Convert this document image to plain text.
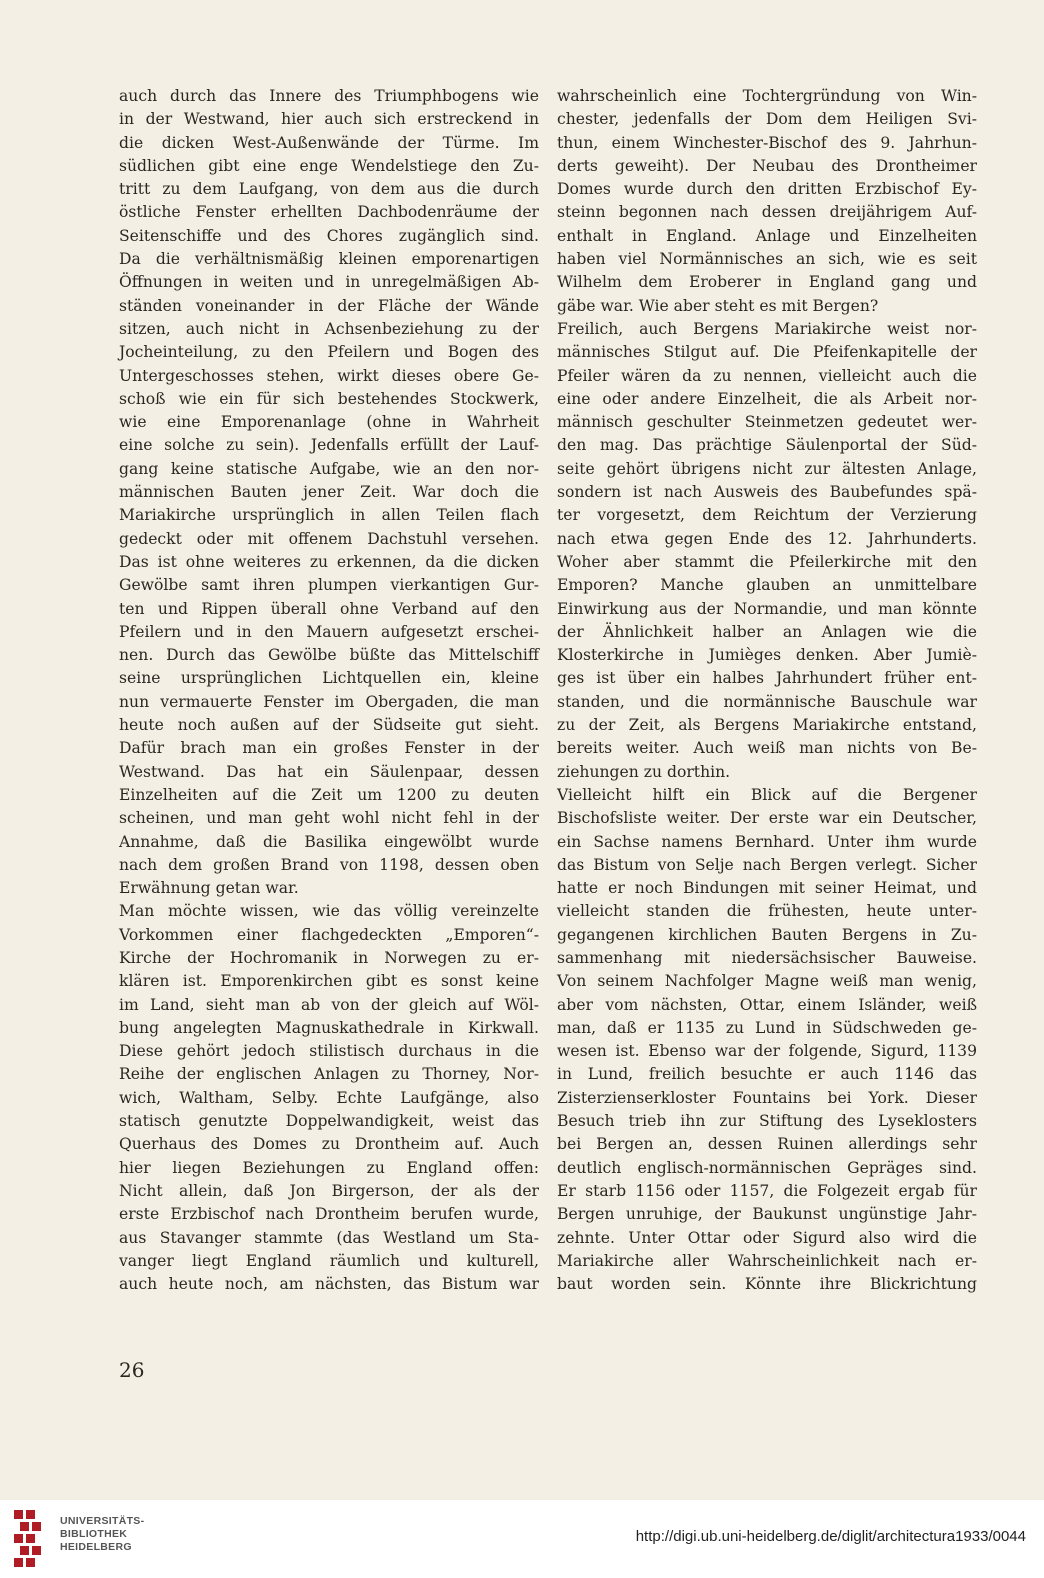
auch durch das Innere des Triumphbogens wie
in der Westwand, hier auch sich erstreckend in
die dicken West-Außenwände der Türme. Im
südlichen gibt eine enge Wendelstiege den Zu-
tritt zu dem Laufgang, von dem aus die durch
östliche Fenster erhellten Dachbodenräume der
Seitenschiffe und des Chores zugänglich sind.
Da die verhältnismäßig kleinen emporenartigen
Öffnungen in weiten und in unregelmäßigen Ab-
ständen voneinander in der Fläche der Wände
sitzen, auch nicht in Achsenbeziehung zu der
Jocheinteilung, zu den Pfeilern und Bogen des
Untergeschosses stehen, wirkt dieses obere Ge-
schoß wie ein für sich bestehendes Stockwerk,
wie eine Emporenanlage (ohne in Wahrheit
eine solche zu sein). Jedenfalls erfüllt der Lauf-
gang keine statische Aufgabe, wie an den nor-
männischen Bauten jener Zeit. War doch die
Mariakirche ursprünglich in allen Teilen flach
gedeckt oder mit offenem Dachstuhl versehen.
Das ist ohne weiteres zu erkennen, da die dicken
Gewölbe samt ihren plumpen vierkantigen Gur-
ten und Rippen überall ohne Verband auf den
Pfeilern und in den Mauern aufgesetzt erschei-
nen. Durch das Gewölbe büßte das Mittelschiff
seine ursprünglichen Lichtquellen ein, kleine
nun vermauerte Fenster im Obergaden, die man
heute noch außen auf der Südseite gut sieht.
Dafür brach man ein großes Fenster in der
Westwand. Das hat ein Säulenpaar, dessen
Einzelheiten auf die Zeit um 1200 zu deuten
scheinen, und man geht wohl nicht fehl in der
Annahme, daß die Basilika eingewölbt wurde
nach dem großen Brand von 1198, dessen oben
Erwähnung getan war.
Man möchte wissen, wie das völlig vereinzelte
Vorkommen einer flachgedeckten „Emporen“-
Kirche der Hochromanik in Norwegen zu er-
klären ist. Emporenkirchen gibt es sonst keine
im Land, sieht man ab von der gleich auf Wöl-
bung angelegten Magnuskathedrale in Kirkwall.
Diese gehört jedoch stilistisch durchaus in die
Reihe der englischen Anlagen zu Thorney, Nor-
wich, Waltham, Selby. Echte Laufgänge, also
statisch genutzte Doppelwandigkeit, weist das
Querhaus des Domes zu Drontheim auf. Auch
hier liegen Beziehungen zu England offen:
Nicht allein, daß Jon Birgerson, der als der
erste Erzbischof nach Drontheim berufen wurde,
aus Stavanger stammte (das Westland um Sta-
vanger liegt England räumlich und kulturell,
auch heute noch, am nächsten, das Bistum war
wahrscheinlich eine Tochtergründung von Win-
chester, jedenfalls der Dom dem Heiligen Svi-
thun, einem Winchester-Bischof des 9. Jahrhun-
derts geweiht). Der Neubau des Drontheimer
Domes wurde durch den dritten Erzbischof Ey-
steinn begonnen nach dessen dreijährigem Auf-
enthalt in England. Anlage und Einzelheiten
haben viel Normännisches an sich, wie es seit
Wilhelm dem Eroberer in England gang und
gäbe war. Wie aber steht es mit Bergen?
Freilich, auch Bergens Mariakirche weist nor-
männisches Stilgut auf. Die Pfeifenkapitelle der
Pfeiler wären da zu nennen, vielleicht auch die
eine oder andere Einzelheit, die als Arbeit nor-
männisch geschulter Steinmetzen gedeutet wer-
den mag. Das prächtige Säulenportal der Süd-
seite gehört übrigens nicht zur ältesten Anlage,
sondern ist nach Ausweis des Baubefundes spä-
ter vorgesetzt, dem Reichtum der Verzierung
nach etwa gegen Ende des 12. Jahrhunderts.
Woher aber stammt die Pfeilerkirche mit den
Emporen? Manche glauben an unmittelbare
Einwirkung aus der Normandie, und man könnte
der Ähnlichkeit halber an Anlagen wie die
Klosterkirche in Jumièges denken. Aber Jumiè-
ges ist über ein halbes Jahrhundert früher ent-
standen, und die normännische Bauschule war
zu der Zeit, als Bergens Mariakirche entstand,
bereits weiter. Auch weiß man nichts von Be-
ziehungen zu dorthin.
Vielleicht hilft ein Blick auf die Bergener
Bischofsliste weiter. Der erste war ein Deutscher,
ein Sachse namens Bernhard. Unter ihm wurde
das Bistum von Selje nach Bergen verlegt. Sicher
hatte er noch Bindungen mit seiner Heimat, und
vielleicht standen die frühesten, heute unter-
gegangenen kirchlichen Bauten Bergens in Zu-
sammenhang mit niedersächsischer Bauweise.
Von seinem Nachfolger Magne weiß man wenig,
aber vom nächsten, Ottar, einem Isländer, weiß
man, daß er 1135 zu Lund in Südschweden ge-
wesen ist. Ebenso war der folgende, Sigurd, 1139
in Lund, freilich besuchte er auch 1146 das
Zisterzienserkloster Fountains bei York. Dieser
Besuch trieb ihn zur Stiftung des Lyseklosters
bei Bergen an, dessen Ruinen allerdings sehr
deutlich englisch-normännischen Gepräges sind.
Er starb 1156 oder 1157, die Folgezeit ergab für
Bergen unruhige, der Baukunst ungünstige Jahr-
zehnte. Unter Ottar oder Sigurd also wird die
Mariakirche aller Wahrscheinlichkeit nach er-
baut worden sein. Könnte ihre Blickrichtung
26
UNIVERSITÄTS-
BIBLIOTHEK
HEIDELBERG
http://digi.ub.uni-heidelberg.de/diglit/architectura1933/0044
